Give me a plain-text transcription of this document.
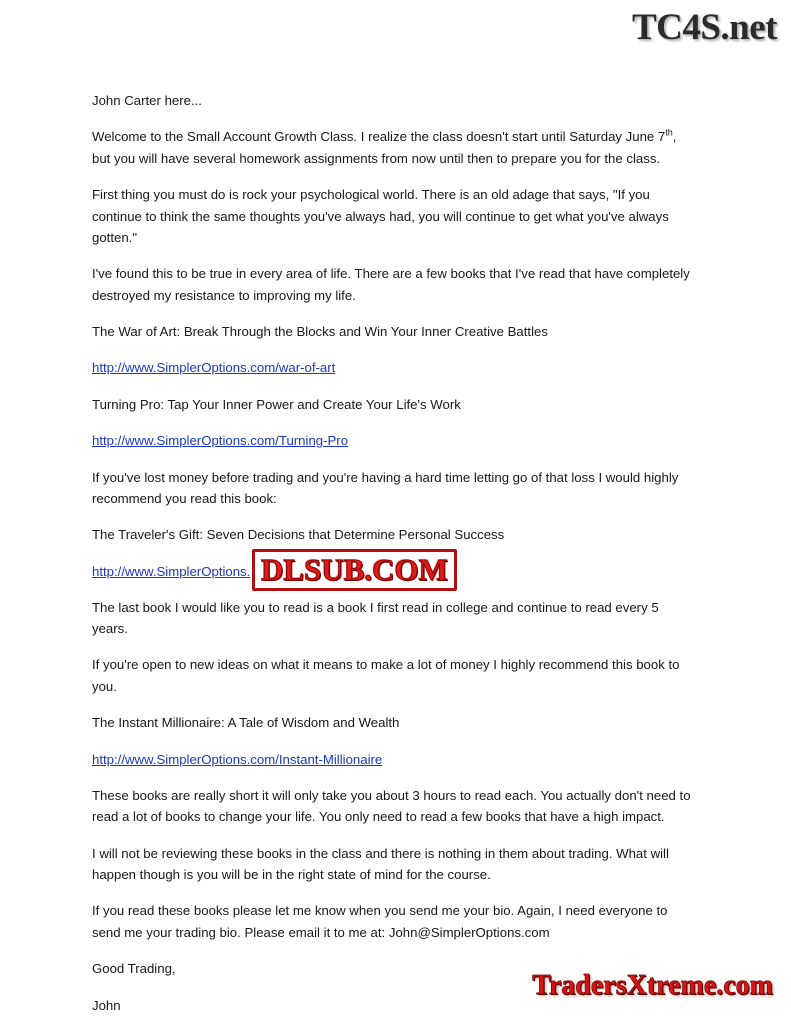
TC4S.net

John Carter here...

Welcome to the Small Account Growth Class. I realize the class doesn't start until Saturday June 7th, but you will have several homework assignments from now until then to prepare you for the class.

First thing you must do is rock your psychological world. There is an old adage that says, "If you continue to think the same thoughts you've always had, you will continue to get what you've always gotten."

I've found this to be true in every area of life. There are a few books that I've read that have completely destroyed my resistance to improving my life.

The War of Art: Break Through the Blocks and Win Your Inner Creative Battles

http://www.SimplerOptions.com/war-of-art

Turning Pro: Tap Your Inner Power and Create Your Life's Work

http://www.SimplerOptions.com/Turning-Pro

If you've lost money before trading and you're having a hard time letting go of that loss I would highly recommend you read this book:

The Traveler's Gift: Seven Decisions that Determine Personal Success

http://www.SimplerOptions. DLSUB.COM

The last book I would like you to read is a book I first read in college and continue to read every 5 years.

If you're open to new ideas on what it means to make a lot of money I highly recommend this book to you.

The Instant Millionaire: A Tale of Wisdom and Wealth

http://www.SimplerOptions.com/Instant-Millionaire

These books are really short it will only take you about 3 hours to read each. You actually don't need to read a lot of books to change your life. You only need to read a few books that have a high impact.

I will not be reviewing these books in the class and there is nothing in them about trading. What will happen though is you will be in the right state of mind for the course.

If you read these books please let me know when you send me your bio. Again, I need everyone to send me your trading bio. Please email it to me at: John@SimplerOptions.com

Good Trading,

John

TradersXtreme.com
